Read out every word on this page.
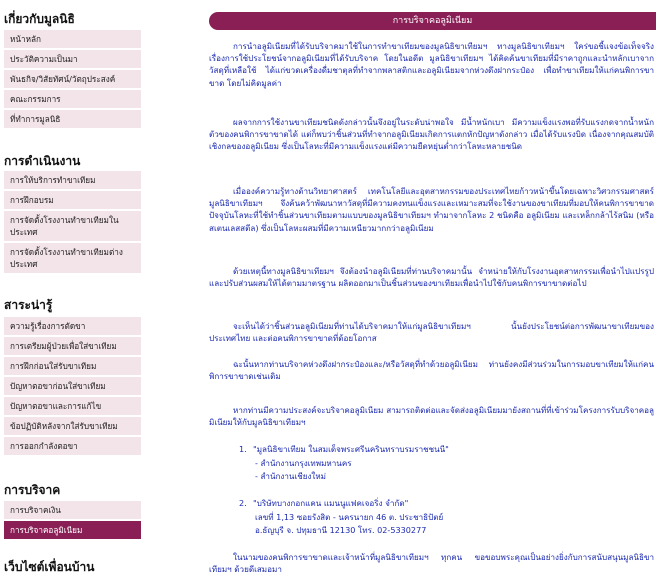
เกี่ยวกับมูลนิธิ
หน้าหลัก
ประวัติความเป็นมา
พันธกิจ/วิสัยทัศน์/วัตถุประสงค์
คณะกรรมการ
ที่ทำการมูลนิธิ
การดำเนินงาน
การให้บริการทำขาเทียม
การฝึกอบรม
การจัดตั้งโรงงานทำขาเทียมในประเทศ
การจัดตั้งโรงงานทำขาเทียมต่างประเทศ
สาระน่ารู้
ความรู้เรื่องการตัดขา
การเตรียมผู้ป่วยเพื่อใส่ขาเทียม
การฝึกก่อนใส่รับขาเทียม
ปัญหาตอขาก่อนใส่ขาเทียม
ปัญหาตอขาและการแก้ไข
ข้อปฏิบัติหลังจากใส่รับขาเทียม
การออกกำลังตอขา
การบริจาค
การบริจาคเงิน
การบริจาคอลูมิเนียม
เว็บไซต์เพื่อนบ้าน
การบริจาคอลูมิเนียม

การนำอลูมิเนียมที่ได้รับบริจาคมาใช้ในการทำขาเทียมของมูลนิธิขาเทียมฯ ทางมูลนิธิขาเทียมฯ ใคร่ขอชี้แจงข้อเท็จจริง เรื่องการใช้ประโยชน์จากอลูมิเนียมที่ได้รับบริจาค โดยในอดีต มูลนิธิขาเทียมฯ ได้คิดค้นขาเทียมที่มีราคาถูกและนำหลักเบาจากวัสดุที่เหลือใช้ ได้แก่ขวดเครื่องดื่มชาตุลที่ทำจากพลาสติกและอลูมิเนียมจากห่วงดึงฝากระป๋อง เพื่อทำขาเทียมให้แก่คนพิการขาขาด โดยไม่คิดมูลค่า

ผลจากการใช้งานขาเทียมชนิดดังกล่าวนั้นจึงอยู่ในระดับน่าพอใจ มีน้ำหนักเบา มีความแข็งแรงพอที่รับแรงกดจากน้ำหนักตัวของคนพิการขาขาดได้ แต่ก็พบว่าชิ้นส่วนที่ทำจากอลูมิเนียมเกิดการแตกหักปัญหาดังกล่าว เมื่อได้รับแรงบิด เนื่องจากคุณสมบัติเชิงกลของอลูมิเนียม ซึ่งเป็นโลหะที่มีความแข็งแรงแต่มีความยืดหยุ่นต่ำกว่าโลหะหลายชนิด

เมื่อองค์ความรู้ทางด้านวิทยาศาสตร์ เทคโนโลยีและอุตสาหกรรมของประเทศไทยก้าวหน้าขึ้นโดยเฉพาะวิศวกรรมศาสตร์ มูลนิธิขาเทียมฯ จึงค้นคว้าพัฒนาหาวัสดุที่มีความคงทนแข็งแรงและเหมาะสมที่จะใช้งานของขาเทียมที่มอบให้คนพิการขาขาด ปัจจุบันโลหะที่ใช้ทำชิ้นส่วนขาเทียมตามแบบของมูลนิธิขาเทียมฯ ทำมาจากโลหะ 2 ชนิดคือ อลูมิเนียม และเหล็กกล้าไร้สนิม (หรือสเตนเลสสตีล) ซึ่งเป็นโลหะผสมที่มีความเหนียวมากกว่าอลูมิเนียม

ด้วยเหตุนี้ทางมูลนิธิขาเทียมฯ จึงต้องนำอลูมิเนียมที่ท่านบริจาคมานั้น จำหน่ายให้กับโรงงานอุตสาหกรรมเพื่อนำไปแปรรูปและปรับส่วนผสมให้ได้ตามมาตรฐาน ผลิตออกมาเป็นชิ้นส่วนของขาเทียมเพื่อนำไปใช้กับคนพิการขาขาดต่อไป

จะเห็นได้ว่าชิ้นส่วนอลูมิเนียมที่ท่านได้บริจาคมาให้แก่มูลนิธิขาเทียมฯ นั้นยังประโยชน์ต่อการพัฒนาขาเทียมของประเทศไทย และต่อคนพิการขาขาดที่ด้อยโอกาส

ฉะนั้นหากท่านบริจาคห่วงดึงฝากระป๋องและ/หรือวัสดุที่ทำด้วยอลูมิเนียม ท่านยังคงมีส่วนร่วมในการมอบขาเทียมให้แก่คนพิการขาขาดเช่นเดิม

หากท่านมีความประสงค์จะบริจาคอลูมิเนียม สามารถติดต่อและจัดส่งอลูมิเนียมมายังสถานที่ที่เข้าร่วมโครงการรับบริจาคอลูมิเนียมให้กับมูลนิธิขาเทียมฯ

1. "มูลนิธิขาเทียม ในสมเด็จพระศรีนครินทราบรมราชชนนี"
- สำนักงานกรุงเทพมหานคร
- สำนักงานเชียงใหม่
2. "บริษัทบางกอกแคน แมนนูแฟคเจอริ่ง จำกัด"
เลขที่ 1,13 ซอยรังสิต - นครนายก 46 ต. ประชาธิปัตย์
อ.ธัญบุรี จ. ปทุมธานี 12130 โทร. 02-5330277

ในนามของคนพิการขาขาดและเจ้าหน้าที่มูลนิธิขาเทียมฯ ทุกคน ขอขอบพระคุณเป็นอย่างยิ่งกับการสนับสนุนมูลนิธิขาเทียมฯ ด้วยดีเสมอมา
